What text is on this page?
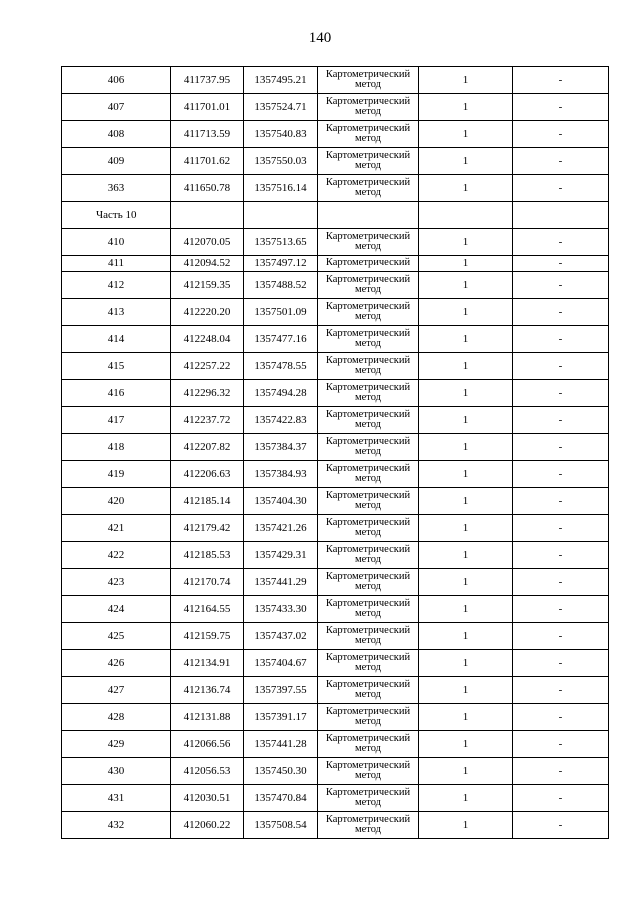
140
406	411737.95	1357495.21	Картометрический
метод	1	-
407	411701.01	1357524.71	Картометрический
метод	1	-
408	411713.59	1357540.83	Картометрический
метод	1	-
409	411701.62	1357550.03	Картометрический
метод	1	-
363	411650.78	1357516.14	Картометрический
метод	1	-
Часть 10					
410	412070.05	1357513.65	Картометрический
метод	1	-
411	412094.52	1357497.12	Картометрический	1	-
412	412159.35	1357488.52	Картометрический
метод	1	-
413	412220.20	1357501.09	Картометрический
метод	1	-
414	412248.04	1357477.16	Картометрический
метод	1	-
415	412257.22	1357478.55	Картометрический
метод	1	-
416	412296.32	1357494.28	Картометрический
метод	1	-
417	412237.72	1357422.83	Картометрический
метод	1	-
418	412207.82	1357384.37	Картометрический
метод	1	-
419	412206.63	1357384.93	Картометрический
метод	1	-
420	412185.14	1357404.30	Картометрический
метод	1	-
421	412179.42	1357421.26	Картометрический
метод	1	-
422	412185.53	1357429.31	Картометрический
метод	1	-
423	412170.74	1357441.29	Картометрический
метод	1	-
424	412164.55	1357433.30	Картометрический
метод	1	-
425	412159.75	1357437.02	Картометрический
метод	1	-
426	412134.91	1357404.67	Картометрический
метод	1	-
427	412136.74	1357397.55	Картометрический
метод	1	-
428	412131.88	1357391.17	Картометрический
метод	1	-
429	412066.56	1357441.28	Картометрический
метод	1	-
430	412056.53	1357450.30	Картометрический
метод	1	-
431	412030.51	1357470.84	Картометрический
метод	1	-
432	412060.22	1357508.54	Картометрический
метод	1	-
